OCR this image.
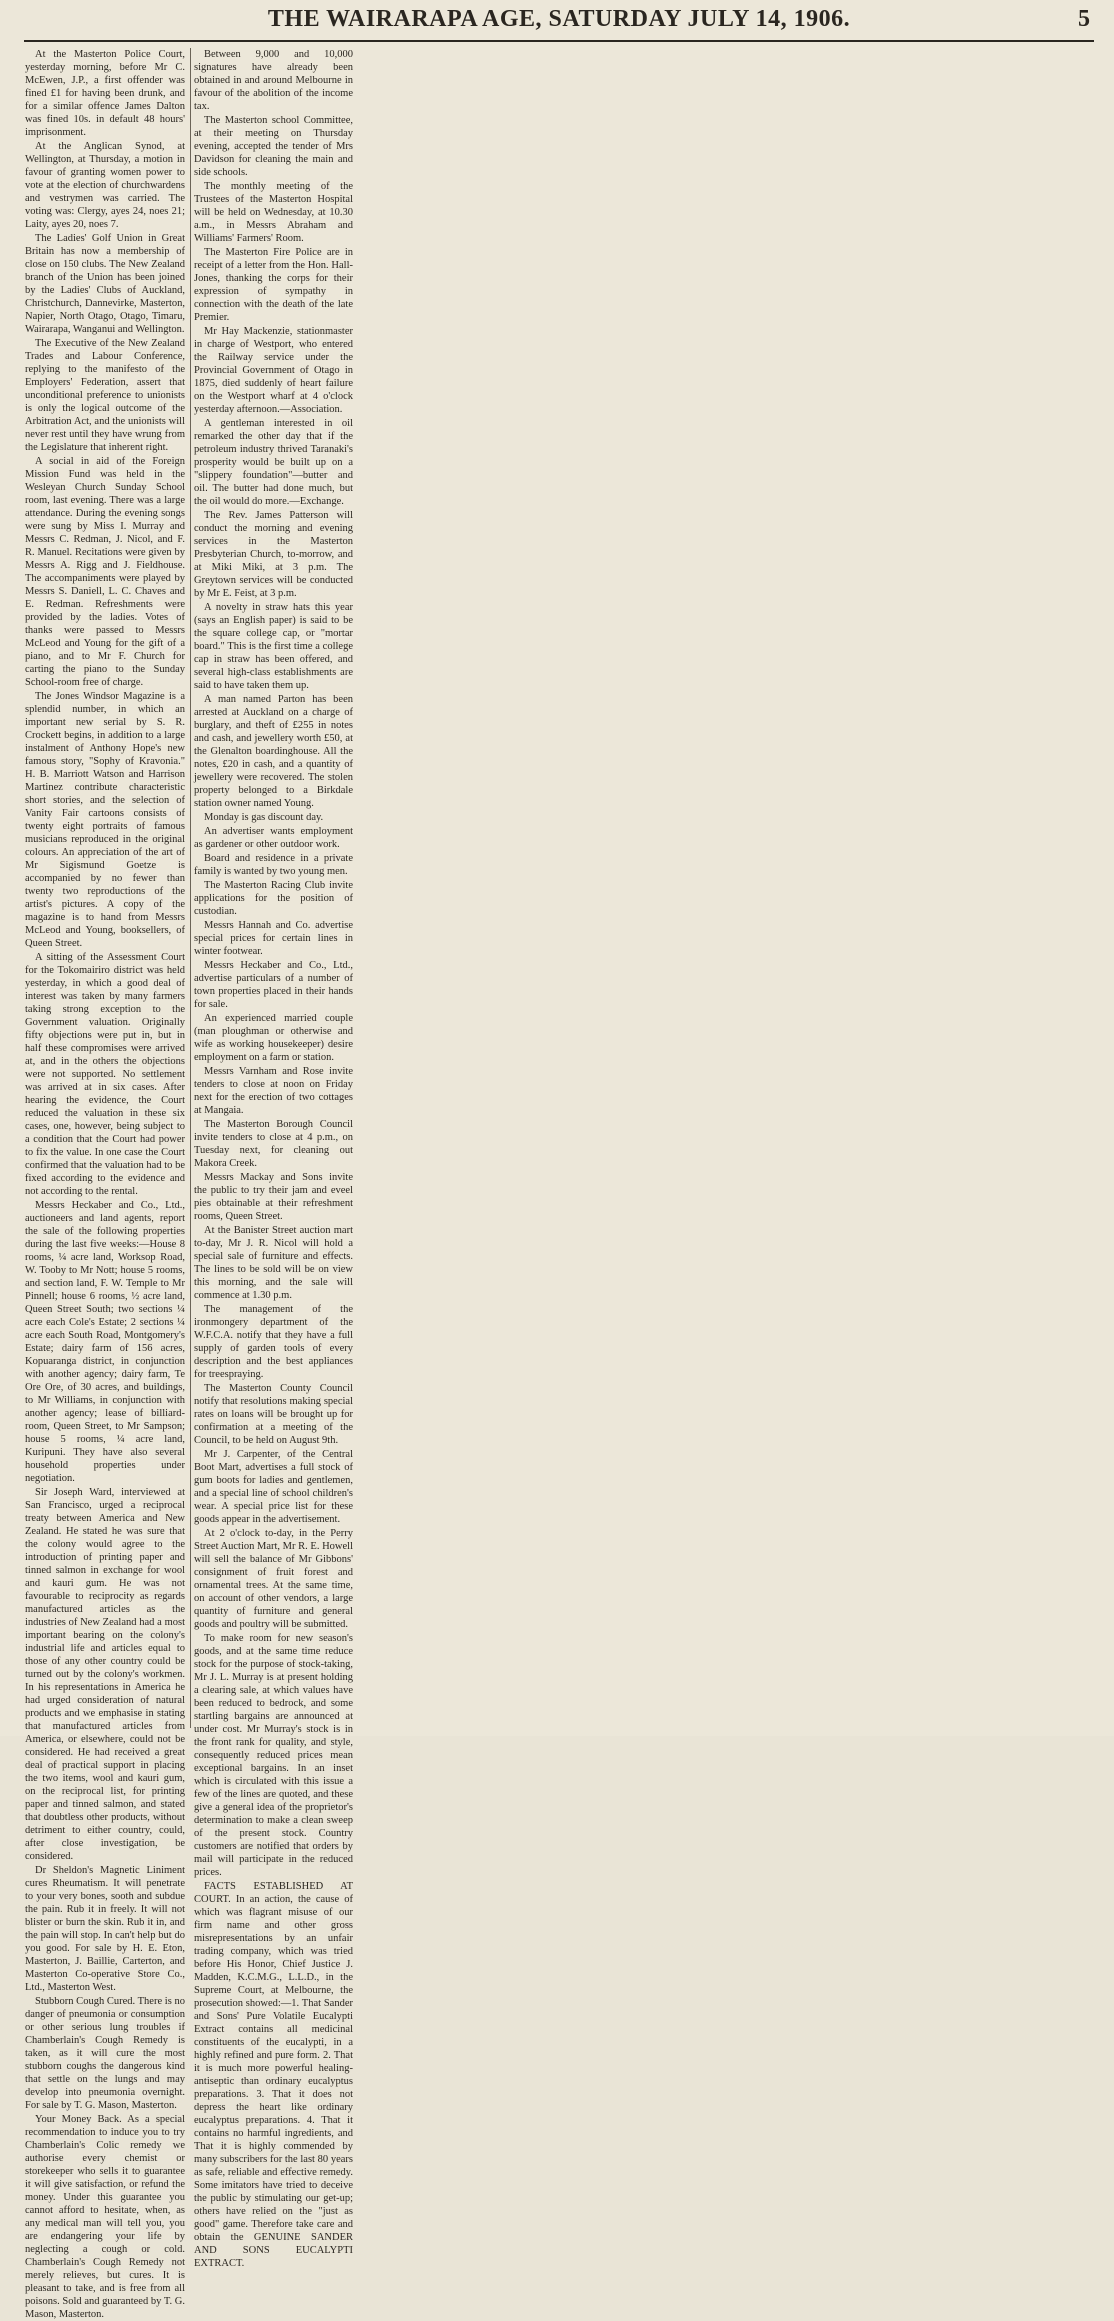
THE WAIRARAPA AGE, SATURDAY JULY 14, 1906.	5

At the Masterton Police Court, yesterday morning, before Mr C. McEwen, J.P., a first offender was fined £1 for having been drunk, and for a similar offence James Dalton was fined 10s. in default 48 hours' imprisonment.

At the Anglican Synod, at Wellington, at Thursday, a motion in favour of granting women power to vote at the election of churchwardens and vestrymen was carried. The voting was: Clergy, ayes 24, noes 21; Laity, ayes 20, noes 7.

The Ladies' Golf Union in Great Britain has now a membership of close on 150 clubs. The New Zealand branch of the Union has been joined by the Ladies' Clubs of Auckland, Christchurch, Dannevirke, Masterton, Napier, North Otago, Otago, Timaru, Wairarapa, Wanganui and Wellington.

The Executive of the New Zealand Trades and Labour Conference, replying to the manifesto of the Employers' Federation, assert that unconditional preference to unionists is only the logical outcome of the Arbitration Act, and the unionists will never rest until they have wrung from the Legislature that inherent right.

A social in aid of the Foreign Mission Fund was held in the Wesleyan Church Sunday School room, last evening. There was a large attendance. During the evening songs were sung by Miss I. Murray and Messrs C. Redman, J. Nicol, and F. R. Manuel. Recitations were given by Messrs A. Rigg and J. Fieldhouse. The accompaniments were played by Messrs S. Daniell, L. C. Chaves and E. Redman. Refreshments were provided by the ladies. Votes of thanks were passed to Messrs McLeod and Young for the gift of a piano, and to Mr F. Church for carting the piano to the Sunday School-room free of charge.

The Jones Windsor Magazine is a splendid number, in which an important new serial by S. R. Crockett begins, in addition to a large instalment of Anthony Hope's new famous story, "Sophy of Kravonia." H. B. Marriott Watson and Harrison Martinez contribute characteristic short stories, and the selection of Vanity Fair cartoons consists of twenty eight portraits of famous musicians reproduced in the original colours. An appreciation of the art of Mr Sigismund Goetze is accompanied by no fewer than twenty two reproductions of the artist's pictures. A copy of the magazine is to hand from Messrs McLeod and Young, booksellers, of Queen Street.

A sitting of the Assessment Court for the Tokomairiro district was held yesterday, in which a good deal of interest was taken by many farmers taking strong exception to the Government valuation. Originally fifty objections were put in, but in half these compromises were arrived at, and in the others the objections were not supported. No settlement was arrived at in six cases. After hearing the evidence, the Court reduced the valuation in these six cases, one, however, being subject to a condition that the Court had power to fix the value. In one case the Court confirmed that the valuation had to be fixed according to the evidence and not according to the rental.

Messrs Heckaber and Co., Ltd., auctioneers and land agents, report the sale of the following properties during the last five weeks:—House 8 rooms, ¼ acre land, Worksop Road, W. Tooby to Mr Nott; house 5 rooms, and section land, F. W. Temple to Mr Pinnell; house 6 rooms, ½ acre land, Queen Street South; two sections ¼ acre each Cole's Estate; 2 sections ¼ acre each South Road, Montgomery's Estate; dairy farm of 156 acres, Kopuaranga district, in conjunction with another agency; dairy farm, Te Ore Ore, of 30 acres, and buildings, to Mr Williams, in conjunction with another agency; lease of billiard-room, Queen Street, to Mr Sampson; house 5 rooms, ¼ acre land, Kuripuni. They have also several household properties under negotiation.

Sir Joseph Ward, interviewed at San Francisco, urged a reciprocal treaty between America and New Zealand. He stated he was sure that the colony would agree to the introduction of printing paper and tinned salmon in exchange for wool and kauri gum. He was not favourable to reciprocity as regards manufactured articles as the industries of New Zealand had a most important bearing on the colony's industrial life and articles equal to those of any other country could be turned out by the colony's workmen. In his representations in America he had urged consideration of natural products and we emphasise in stating that manufactured articles from America, or elsewhere, could not be considered. He had received a great deal of practical support in placing the two items, wool and kauri gum, on the reciprocal list, for printing paper and tinned salmon, and stated that doubtless other products, without detriment to either country, could, after close investigation, be considered.

Dr Sheldon's Magnetic Liniment cures Rheumatism. It will penetrate to your very bones, sooth and subdue the pain. Rub it in freely. It will not blister or burn the skin. Rub it in, and the pain will stop. In can't help but do you good. For sale by H. E. Eton, Masterton, J. Baillie, Carterton, and Masterton Co-operative Store Co., Ltd., Masterton West.

Stubborn Cough Cured. There is no danger of pneumonia or consumption or other serious lung troubles if Chamberlain's Cough Remedy is taken, as it will cure the most stubborn coughs the dangerous kind that settle on the lungs and may develop into pneumonia overnight. For sale by T. G. Mason, Masterton.

Your Money Back. As a special recommendation to induce you to try Chamberlain's Colic remedy we authorise every chemist or storekeeper who sells it to guarantee it will give satisfaction, or refund the money. Under this guarantee you cannot afford to hesitate, when, as any medical man will tell you, you are endangering your life by neglecting a cough or cold. Chamberlain's Cough Remedy not merely relieves, but cures. It is pleasant to take, and is free from all poisons. Sold and guaranteed by T. G. Mason, Masterton.

Between 9,000 and 10,000 signatures have already been obtained in and around Melbourne in favour of the abolition of the income tax.

The Masterton school Committee, at their meeting on Thursday evening, accepted the tender of Mrs Davidson for cleaning the main and side schools.

The monthly meeting of the Trustees of the Masterton Hospital will be held on Wednesday, at 10.30 a.m., in Messrs Abraham and Williams' Farmers' Room.

The Masterton Fire Police are in receipt of a letter from the Hon. Hall-Jones, thanking the corps for their expression of sympathy in connection with the death of the late Premier.

Mr Hay Mackenzie, stationmaster in charge of Westport, who entered the Railway service under the Provincial Government of Otago in 1875, died suddenly of heart failure on the Westport wharf at 4 o'clock yesterday afternoon.—Association.

A gentleman interested in oil remarked the other day that if the petroleum industry thrived Taranaki's prosperity would be built up on a "slippery foundation"—butter and oil. The butter had done much, but the oil would do more.—Exchange.

The Rev. James Patterson will conduct the morning and evening services in the Masterton Presbyterian Church, to-morrow, and at Miki Miki, at 3 p.m. The Greytown services will be conducted by Mr E. Feist, at 3 p.m.

A novelty in straw hats this year (says an English paper) is said to be the square college cap, or "mortar board." This is the first time a college cap in straw has been offered, and several high-class establishments are said to have taken them up.

A man named Parton has been arrested at Auckland on a charge of burglary, and theft of £255 in notes and cash, and jewellery worth £50, at the Glenalton boardinghouse. All the notes, £20 in cash, and a quantity of jewellery were recovered. The stolen property belonged to a Birkdale station owner named Young.

Monday is gas discount day.

An advertiser wants employment as gardener or other outdoor work.

Board and residence in a private family is wanted by two young men.

The Masterton Racing Club invite applications for the position of custodian.

Messrs Hannah and Co. advertise special prices for certain lines in winter footwear.

Messrs Heckaber and Co., Ltd., advertise particulars of a number of town properties placed in their hands for sale.

An experienced married couple (man ploughman or otherwise and wife as working housekeeper) desire employment on a farm or station.

Messrs Varnham and Rose invite tenders to close at noon on Friday next for the erection of two cottages at Mangaia.

The Masterton Borough Council invite tenders to close at 4 p.m., on Tuesday next, for cleaning out Makora Creek.

Messrs Mackay and Sons invite the public to try their jam and eveel pies obtainable at their refreshment rooms, Queen Street.

At the Banister Street auction mart to-day, Mr J. R. Nicol will hold a special sale of furniture and effects. The lines to be sold will be on view this morning, and the sale will commence at 1.30 p.m.

The management of the ironmongery department of the W.F.C.A. notify that they have a full supply of garden tools of every description and the best appliances for treespraying.

The Masterton County Council notify that resolutions making special rates on loans will be brought up for confirmation at a meeting of the Council, to be held on August 9th.

Mr J. Carpenter, of the Central Boot Mart, advertises a full stock of gum boots for ladies and gentlemen, and a special line of school children's wear. A special price list for these goods appear in the advertisement.

At 2 o'clock to-day, in the Perry Street Auction Mart, Mr R. E. Howell will sell the balance of Mr Gibbons' consignment of fruit forest and ornamental trees. At the same time, on account of other vendors, a large quantity of furniture and general goods and poultry will be submitted.

To make room for new season's goods, and at the same time reduce stock for the purpose of stock-taking, Mr J. L. Murray is at present holding a clearing sale, at which values have been reduced to bedrock, and some startling bargains are announced at under cost. Mr Murray's stock is in the front rank for quality, and style, consequently reduced prices mean exceptional bargains. In an inset which is circulated with this issue a few of the lines are quoted, and these give a general idea of the proprietor's determination to make a clean sweep of the present stock. Country customers are notified that orders by mail will participate in the reduced prices.

FACTS ESTABLISHED AT COURT. In an action, the cause of which was flagrant misuse of our firm name and other gross misrepresentations by an unfair trading company, which was tried before His Honor, Chief Justice J. Madden, K.C.M.G., L.L.D., in the Supreme Court, at Melbourne, the prosecution showed:—1. That Sander and Sons' Pure Volatile Eucalypti Extract contains all medicinal constituents of the eucalypti, in a highly refined and pure form. 2. That it is much more powerful healing-antiseptic than ordinary eucalyptus preparations. 3. That it does not depress the heart like ordinary eucalyptus preparations. 4. That it contains no harmful ingredients, and That it is highly commended by many subscribers for the last 80 years as safe, reliable and effective remedy. Some imitators have tried to deceive the public by stimulating our get-up; others have relied on the "just as good" game. Therefore take care and obtain the GENUINE SANDER AND SONS EUCALYPTI EXTRACT.
